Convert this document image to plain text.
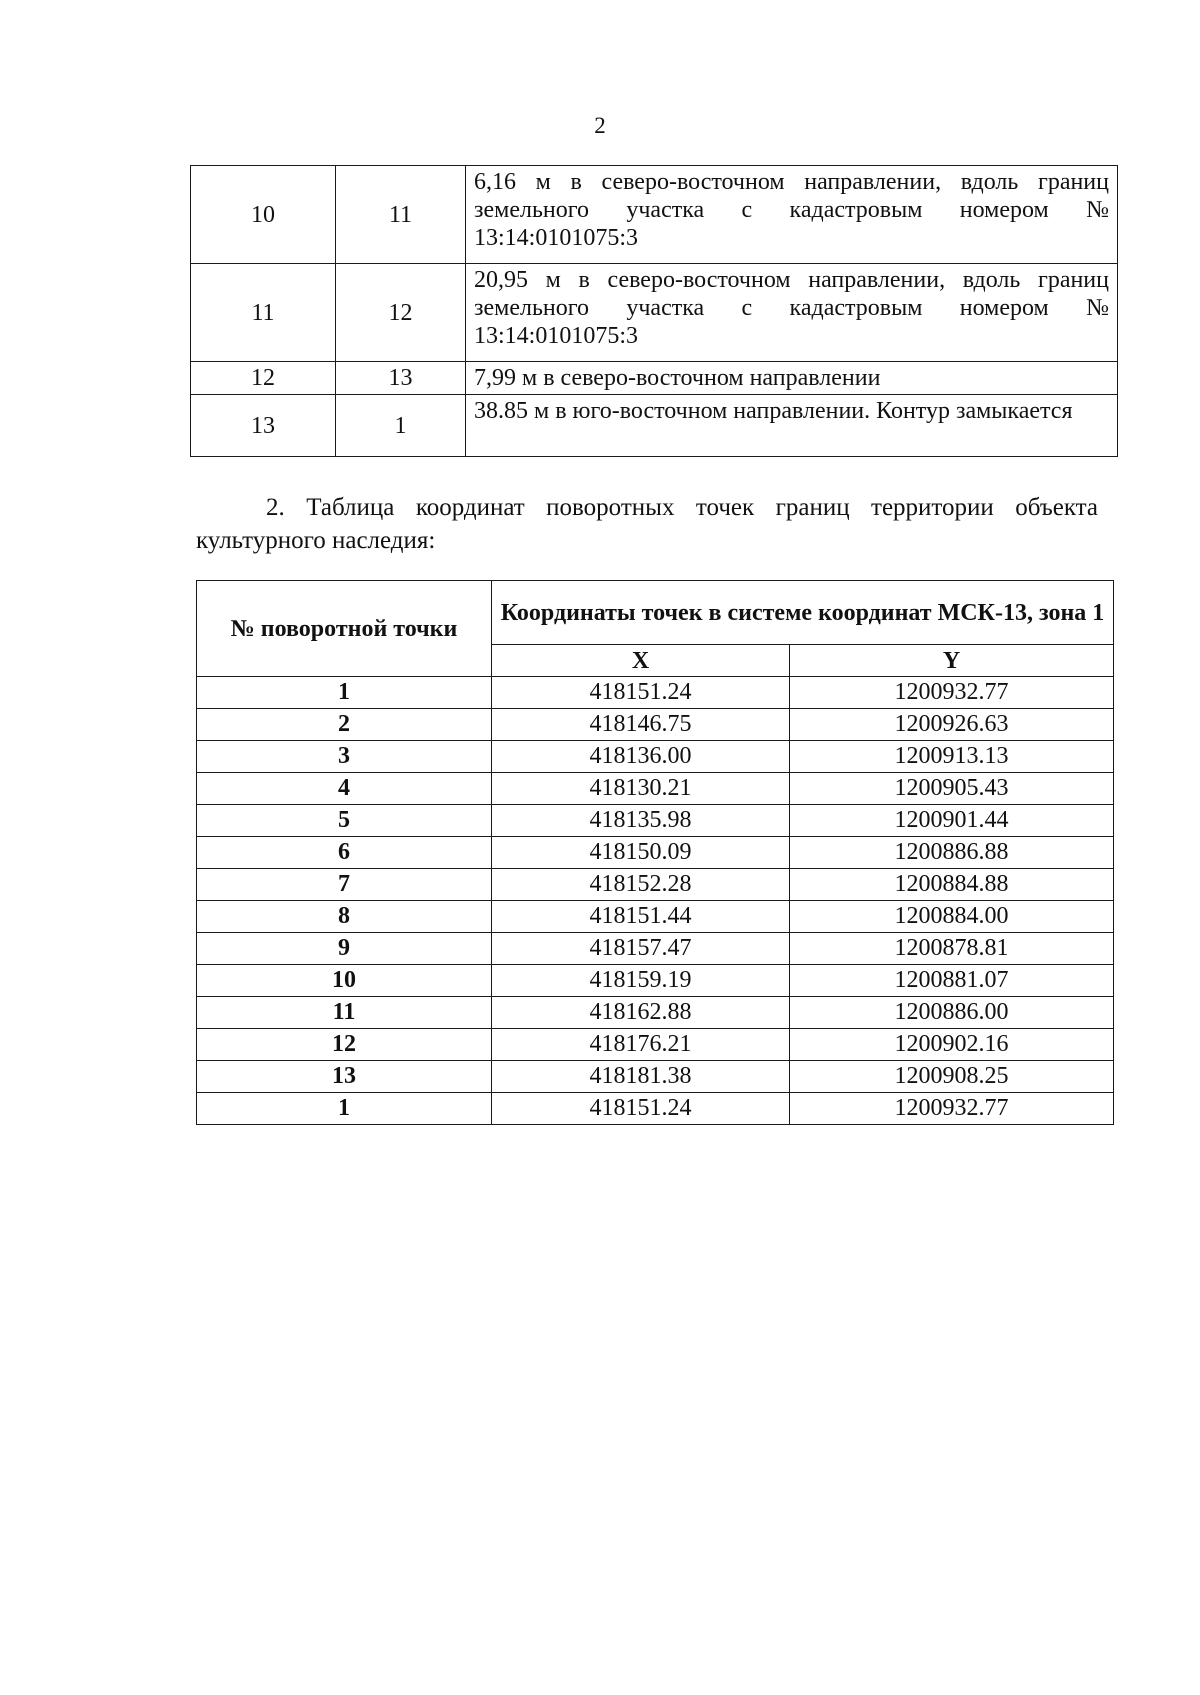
2
10	11	6,16 м в северо-восточном направлении, вдоль границ земельного участка с кадастровым номером № 13:14:0101075:3
11	12	20,95 м в северо-восточном направлении, вдоль границ земельного участка с кадастровым номером № 13:14:0101075:3
12	13	7,99 м в северо-восточном направлении
13	1	38.85 м в юго-восточном направлении. Контур замыкается

2. Таблица координат поворотных точек границ территории объекта культурного наследия:

№ поворотной точки	Координаты точек в системе координат МСК-13, зона 1	
	X	Y
1	418151.24	1200932.77
2	418146.75	1200926.63
3	418136.00	1200913.13
4	418130.21	1200905.43
5	418135.98	1200901.44
6	418150.09	1200886.88
7	418152.28	1200884.88
8	418151.44	1200884.00
9	418157.47	1200878.81
10	418159.19	1200881.07
11	418162.88	1200886.00
12	418176.21	1200902.16
13	418181.38	1200908.25
1	418151.24	1200932.77
